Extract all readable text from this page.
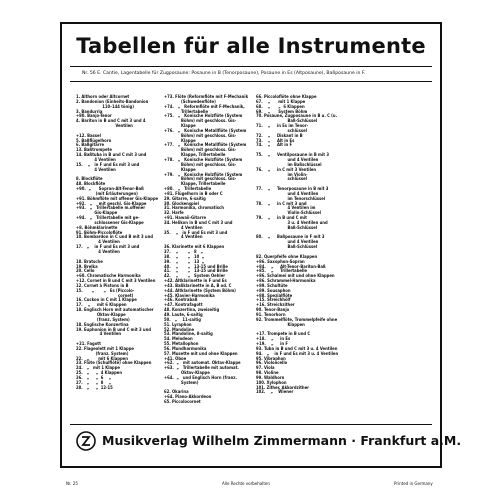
Tabellen für alle Instrumente
Nr. 56 E. Cantie, Lagentabelle für Zugposaune: Posaune in B (Tenorposaune), Posaune in Es (Altposaune), Baßposaune in F.
1. Althorn oder Altcornet
2. Bandonion (Einheits-Bandonion
110–144 tönig)
3. Bandurria
+80. Banjo-Tenor
4. Bariton in B und C mit 3 und 4
Ventilen

+12. Bassel
5. Baßflügelhorn
6. Baßgitarre
13. Baßtrompete
14. Baßtuba in B und C mit 3 und
4 Ventilen
15.    „   in F und Es mit 3 und
4 Ventilen

8. Blockflöte
48. Blockflöte
+90.  „      Sopran-Alt-Tenor-Baß
(mit Erläuterungen)
+91. Böhmflöte mit offener Gis-Klappe
+92.   „     mit geschl. Gis-Klappe
+93.   „   Trillertabelle m.offener
Gis-Klappe
+94.   „   Trillertabelle mit ge-
schlossener Gis-Klappe
+8. Böhmklarinette
91. Böhm-Piccoloflöte
10. Bombardon in C und B mit 3 und
4 Ventilen
17.   „    in F und Es mit 3 und
4 Ventilen

18. Bratsche
19. Brelka
20. Cello
+60. Chromatische Harmonika
+12. Cornet in B und C mit 3 Ventilen
12. Cornet à Pistons in B
15.       „       „   Es (Piccolo-
cornet)
16. Cuckoo in C mit 1 Klappe
17.    „     mit 6 Klappen
18. Englisch Horn mit automatischer
Oktav-Klappe
(franz. System)
18. Englische Konzertina
19. Euphonion in B und C mit 3 und
4 Ventilen

+21. Fagott
22. Flageolett mit 1 Klappe
(franz. System)
22.   „       mit 6 Klappen
23. Flöte (Schulflöte) ohne Klappen
24.   „   mit 1 Klappe
25.   „     „  4 Klappen
26.   „     „  6    „
27.   „     „  8    „
28.   „     „  12-15
+73. Flöte (Reformflöte mit F-Mechanik
(Schwedenflöte)
+74.   „   Reformflöte mit F-Mechanik,
Trillertabelle
+75.   „   Konische Holzflöte (System
Böhm) mit geschloss. Gis-
Klappe
+76.   „   Konische Metallflöte (System
Böhm) mit geschloss. Gis-
Klappe
+77.   „   Konische Metallflöte (System
Böhm) mit geschloss. Gis-
Klappe, Trillertabelle
+78.   „   Konische Holzflöte (System
Böhm) mit geschloss. Gis-
Klappe
+79.   „   Konische Holzflöte (System
Böhm) mit geschloss. Gis-
Klappe, Trillertabelle
+80.   „   Trillertabelle
+81. Flügelhorn in B oder C
29. Gitarre, 6-saitig
30. Glockenspiel
31. Harmonika, chromatisch
32. Harfe
+91. Hawaii-Gitarre
34. Helikon in B und C mit 3 und
4 Ventilen
35.    „   in F und Es mit 3 und
4 Ventilen

36. Klarinette mit 6 Klappen
37.    „       „   8   „
38.    „       „   10  „
39.    „       „   13  „
40.    „       „   13-15 und Brille
41.    „       „   13-15 und Brille
42.    „       „   System Oehler
+42. Altklarinette in F und Es
+43. Baßklarinette in A, B od. C
+44. Altklarinette (System Böhm)
+45. Klavier-Harmonika
+46. Kontrabaß
+47. Kontrafagott
48. Konzertina, zweiseitig
49. Laute, 6-saitig
50.   „    11-saitig
51. Lyraphon
52. Mandoline
53. Mandoline, 8-saitig
54. Melodeon
55. Metallophon
56. Mundharmonika
57. Musette mit und ohne Klappen
+41. Oboe
+62.  „   mit automat. Oktav-Klappe
+63.  „   Trillertabelle mit automat.
Oktav-Klappe
+64.  „   und Englisch Horn (franz.
System)

62. Okarina
+64. Piano-Akkordeon
65. Piccolocornet
66. Piccoloflöte ohne Klappe
67.    „      mit 1 Klappe
68.    „      „  6 Klappen
69.    „      System Böhm
70. Posaune, Zugposaune in B u. C (u.
Baß-Schlüssel
71.    „     in Es im Tenor-
schlüssel
72.    „     Diskant in B
73.    „     Alt in Es
74.    „     Alt in F

75.    „     Ventilposaune in B mit 3
und 4 Ventilen
im Baßschlüssel
76.    „     in C mit 3 Ventilen
im Violin-
schlüssel

77.    „     Tenorposaune in B mit 3
und 4 Ventilen
im Tenorschlüssel
78.    „     in C mit 3 und
4 Ventilen im
Violin-Schlüssel
79.    „     in B und C mit
3 u. 4 Ventilen und
Baß-Schlüssel

80.    „     Baßposaune in F mit 3
und 4 Ventilen
Baß-Schlüssel

82. Querpfeife ohne Klappen
+86. Saxophon-Sopran
+84.    „     Alt-Tenor-Bariton-Baß
+85.    „     Trillertabelle
+86. Schalmei mit und ohne Klappen
+86. Schrammel-Harmonika
+89. Schultüte
+89. Sousaphon
+88. Spezialflöte
+15. Streichhölf
+16. Streichzither
90. Tenor-Banjo
91. Tenorhorn
92. Trommelflöte, Trommelpfeife ohne
Klappen

+17. Trompete in B und C
+18.    „     in Es
+19.    „     in F
93. Tuba in B und C mit 3 u. 4 Ventilen
94.   „    in F und Es mit 3 u. 4 Ventilen
95. Vibraphon
96. Violoncello
97. Viola
98. Violine
99. Waldhorn
100. Xylophon
101. Zither, Akkordzither
102.    „    Wiener
Musikverlag Wilhelm Zimmermann · Frankfurt a.M.
Nr. 25	Alle Rechte vorbehalten	Printed in Germany
